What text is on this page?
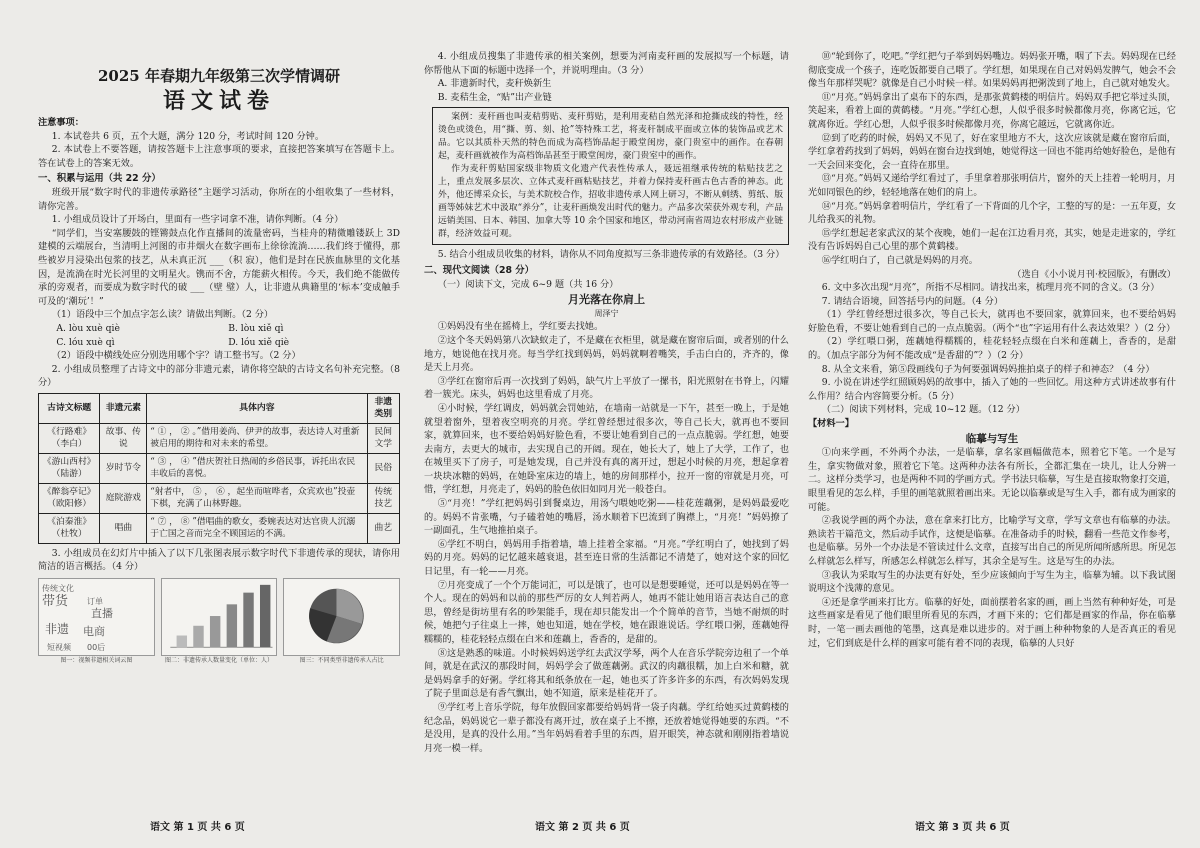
2025 年春期九年级第三次学情调研
语文试卷

注意事项：

1. 本试卷共 6 页，五个大题，满分 120 分，考试时间 120 分钟。

2. 本试卷上不要答题，请按答题卡上注意事项的要求，直接把答案填写在答题卡上。答在试卷上的答案无效。

一、积累与运用（共 22 分）

班级开展“数字时代的非遗传承路径”主题学习活动，你所在的小组收集了一些材料，请你完善。

1. 小组成员设计了开场白，里面有一些字词拿不准，请你判断。（4 分）

“同学们，当安塞腰鼓的铿锵鼓点化作直播间的流量密码，当桂舟的精微雕镂跃上 3D 建模的云端展台，当清明上河图的市井烟火在数字画布上徐徐流淌……我们终于懂得，那些被岁月浸染出包浆的技艺，从未真正沉 ___（积 寂），他们是封在民族血脉里的文化基因，是流淌在时光长河里的文明星火。镌而不舍，方能薪火相传。今天，我们绝不能做传承的旁观者，而要成为数字时代的破 ___（壁 璧）人，让非遗从典籍里的‘标本’变成触手可及的‘潮玩’！”

（1）语段中三个加点字怎么读？请做出判断。（2 分）

A. lòu xuè qiè	B. lòu xiě qì
C. lóu xuè qì	D. lóu xiě qiè

（2）语段中横线处应分别选用哪个字？请工整书写。（2 分）

2. 小组成员整理了古诗文中的部分非遗元素，请你将空缺的古诗文名句补充完整。（8 分）

古诗文标题	非遗元素	具体内容	非遗类别
《行路难》（李白）	故事、传说	“ ① ， ② 。”借用姜尚、伊尹的故事，表达诗人对重新被启用的期待和对未来的希望。	民间文学
《游山西村》（陆游）	岁时节令	“ ③ ， ④ ”借庆贺社日热闹的乡俗民事，诉托出农民丰收后的喜悦。	民俗
《醉翁亭记》（欧阳修）	庭院游戏	“射者中， ⑤ ， ⑥ ，起坐而喧哗者，众宾欢也”投壶下棋，充满了山林野趣。	传统技艺
《泊秦淮》（杜牧）	唱曲	“ ⑦ ， ⑧ ”借唱曲的歌女，委婉表达对达官贵人沉溺于亡国之音而完全不顾国运的不满。	曲艺

3. 小组成员在幻灯片中插入了以下几张图表展示数字时代下非遗传承的现状，请你用简洁的语言概括。（4 分）

传统文化
带货	订单
直播
非遗 电商
短视频 00后
图一：视频非遗相关词云图	图二：非遗传承人数量变化（单位：人）	图三：不同类型非遗传承人占比

4. 小组成员搜集了非遗传承的相关案例，想要为河南麦秆画的发展拟写一个标题，请你帮他从下面的标题中选择一个，并说明理由。（3 分）

A. 非遗新时代，麦秆焕新生

B. 麦秸生金，“贴”出产业链

案例：麦秆画也叫麦秸剪贴、麦秆剪贴，是利用麦秸自然光泽和抢撕成线的特性，经烫色或烫色，用“撕、剪、刻、抢”等特殊工艺，将麦秆制成平面或立体的装饰品或艺术品。它以其质朴天然的特色而成为高档饰品起于殿堂闺房，豪门贵室中的画作。在春朝起，麦秆画就被作为高档饰品甚至于殿堂闺房，豪门贵室中的画作。

作为麦秆剪贴国家级非物质文化遗产代表性传承人，聂远祖继承传统的粘贴技艺之上，重点发展多层次、立体式麦秆画粘贴技艺，并着力保持麦秆画古色古香的神态。此外，他还博采众长，与美术院校合作，招收非遗传承人网上研习，不断从刺绣、剪纸、版画等姊妹艺术中汲取“养分”，让麦秆画焕发出时代的魅力。产品多次荣获外观专利，产品远销美国、日本、韩国、加拿大等 10 余个国家和地区，带动河南省周边农村形成产业链群，经济效益可观。

5. 结合小组成员收集的材料，请你从不同角度拟写三条非遗传承的有效路径。（3 分）

二、现代文阅读（28 分）

（一）阅读下文，完成 6~9 题（共 16 分）

月光落在你肩上

周泽宁

①妈妈没有坐在摇椅上，学红要去找她。

②这个冬天妈妈第八次缺蚁走了，不是藏在衣柜里，就是藏在窗帘后面，或者别的什么地方，她说他在找月亮。每当学红找到妈妈，妈妈就啊着嘴笑，手击白白的，齐齐的，像是天上月亮。

③学红在窗帘后再一次找到了妈妈，缺气片上平放了一摞书，阳光照射在书脊上，闪耀着一簇光。床头，妈妈也这里看成了月亮。

④小时候，学红调皮，妈妈就会罚她站，在墙南一站就是一下午，甚至一晚上，于是她就望着窗外，望着夜空明亮的月亮。学红曾经想过很多次，等自己长大，就再也不要回家，就算回来，也不要给妈妈好脸色看，不要让她看到自己的一点点脆弱。学红想，她要去南方，去更大的城市，去实现自己的开阔。现在，她长大了，她上了大学，工作了，也在城里买下了房子，可是她发现，自己并没有真的离开过，想起小时候的月亮，想起拿着一块块冰糖的妈妈，在她卧室床边的墙上，她的房间那样小，拉开一窗的帘就是月亮，可惜，学红想，月亮走了，妈妈的脸色依旧如同月光一般苍白。

⑤“月亮！”学红把妈妈引到餐桌边，用汤勺喂她吃粥——桂花莲藕粥，是妈妈最爱吃的。妈妈不肯张嘴，勺子磕着她的嘴唇，汤水顺着下巴流到了胸襟上，“月亮！”妈妈撩了一副面孔，生气地推拍桌子。

⑥学红不明白，妈妈用手指着墙，墙上挂着全家福。“月亮。”学红明白了，她找到了妈妈的月亮。妈妈的记忆越来越衰退，甚至连日常的生活都记不清楚了，她对这个家的回忆日记里，有一轮——月亮。

⑦月亮变成了一个个万能词汇，可以是饿了，也可以是想要睡觉，还可以是妈妈在等一个人。现在的妈妈和以前的那些严厉的女人判若两人，她再不能让她用语言表达自己的意思，曾经是街坊里有名的吵架能手，现在却只能发出一个个简单的音节，当她不耐烦的时候，她把勺子往桌上一摔，她也知道，她在学校，她在跟谁说话。学红喂口粥，莲藕她得糯糯的，桂花轻轻点缀在白米和莲藕上，香香的，是甜的。

⑧这是熟悉的味道。小时候妈妈送学红去武汉学琴，两个人在音乐学院旁边租了一个单间，就是在武汉的那段时间，妈妈学会了做莲藕粥。武汉的肉藕很糯，加上白米和糖，就是妈妈拿手的好粥。学红将其和纸条放在一起，她也买了许多许多的东西，有次妈妈发现了院子里面总是有香气飘出，她不知道，原来是桂花开了。

⑨学红考上音乐学院，每年放假回家都要给妈妈背一袋子肉藕。学红给她买过黄鹤楼的纪念品，妈妈说它一辈子都没有离开过，放在桌子上不擦，还放着她觉得她要的东西。“不是没用，是真的没什么用。”当年妈妈看着手里的东西，眉开眼笑，神态就和刚刚指着墙说月亮一模一样。

⑩“轮到你了，吃吧。”学红把勺子举到妈妈嘴边。妈妈张开嘴，咽了下去。妈妈现在已经彻底变成一个孩子，连吃饭都要自己喂了。学红想，如果现在自己对妈妈发脾气，她会不会像当年那样哭呢？就像是自己小时候一样。如果妈妈再把粥泼到了地上，自己就对她发火。

⑪“月亮。”妈妈拿出了桌布下的东西，是那张黄鹤楼的明信片。妈妈双手把它举过头顶，笑起来，看着上面的黄鹤楼。“月亮。”学红心想，人似乎很多时候都像月亮，你离它远，它就离你近。学红心想，人似乎很多时候都像月亮，你离它越远，它就离你近。

⑫到了吃药的时候，妈妈又不见了，好在家里地方不大，这次应该就是藏在窗帘后面，学红拿着药找到了妈妈，妈妈在窗台边找到她，她觉得这一回也不能再给她好脸色，是他有一天会回来变化，会一直待在那里。

⑬“月亮。”妈妈又递给学红看过了，手里拿着那张明信片，窗外的天上挂着一轮明月，月光如同银色的纱，轻轻地落在她们的肩上。

⑭“月亮。”妈妈拿着明信片，学红看了一下背面的几个字，工整的写的是：一五年夏，女儿给我买的礼物。

⑮学红想起老家武汉的某个夜晚，她们一起在江边看月亮，其实，她是走进家的，学红没有告诉妈妈自己心里的那个黄鹤楼。

⑯学红明白了，自己就是妈妈的月亮。

（选自《小小说月刊·校园版》，有删改）

6. 文中多次出现“月亮”，所指不尽相同。请找出来，梳理月亮不同的含义。（3 分）

7. 请结合语境，回答括号内的问题。（4 分）

（1）学红曾经想过很多次，等自己长大，就再也不要回家，就算回来，也不要给妈妈好脸色看，不要让她看到自己的一点点脆弱。（两个“也”字运用有什么表达效果？）（2 分）

（2）学红喂口粥，莲藕她得糯糯的，桂花轻轻点缀在白米和莲藕上，香香的，是甜的。（加点字部分为何不能改成“是香甜的”？）（2 分）

8. 从全文来看，第⑤段画线句子为何要强调妈妈推拍桌子的样子和神态？（4 分）

9. 小说在讲述学红照顾妈妈的故事中，插入了她的一些回忆。用这种方式讲述故事有什么作用？结合内容简要分析。（5 分）

（二）阅读下列材料，完成 10~12 题。（12 分）

【材料一】

临摹与写生

①向来学画，不外两个办法，一是临摹，拿名家画幅做范本，照着它下笔。一个是写生，拿实物做对象，照着它下笔。这两种办法各有所长，全都汇集在一块儿，让人分辨一二。这样分类学习，也是两种不同的学画方式。学书法只临摹，写生是直接取物象打交道，眼里看见的怎么样，手里的画笔就照着画出来。无论以临摹或是写生入手，都有成为画家的可能。

②我说学画的两个办法，意在拿来打比方，比喻学写文章，学写文章也有临摹的办法。熟读若干篇范文，然后动手试作，这便是临摹。在准备动手的时候，翻看一些范文作参考，也是临摹。另外一个办法是不管读过什么文章，直接写出自己的所见所闻所感所思。所见怎么样就怎么样写，所感怎么样就怎么样写，其余全是写生。这是写生的办法。

③我认为采取写生的办法更有好处，至少应该倾向于写生为主，临摹为辅。以下我试图说明这个浅薄的意见。

④还是拿学画来打比方。临摹的好处，面前摆着名家的画，画上当然有种种好处，可是这些画家是看见了他们眼里所看见的东西，才画下来的；它们都是画家的作品，你在临摹时，一笔一画去画他的笔墨，这真是难以进步的。对于画上种种物象的人是否真正的看见过，它们到底是什么样的画家可能有着不同的表现，临摹的人只好

语文 第 1 页 共 6 页	语文 第 2 页 共 6 页	语文 第 3 页 共 6 页
